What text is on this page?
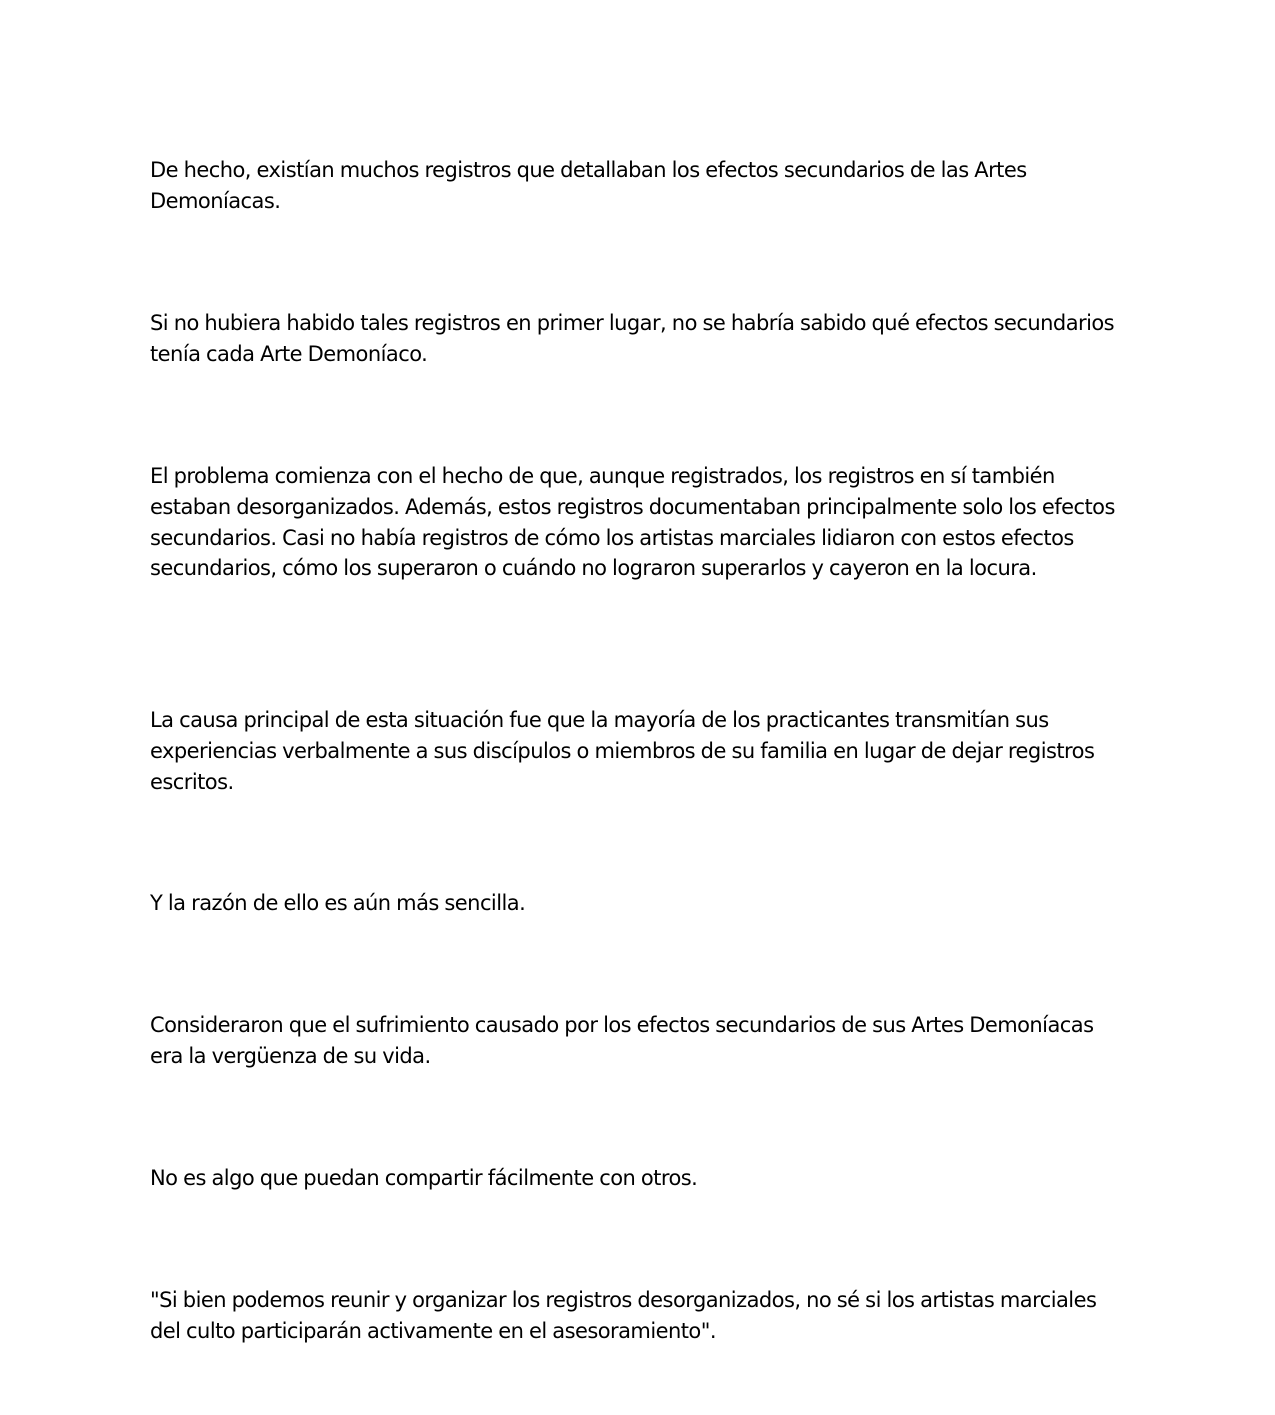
De hecho, existían muchos registros que detallaban los efectos secundarios de las Artes Demoníacas.

Si no hubiera habido tales registros en primer lugar, no se habría sabido qué efectos secundarios tenía cada Arte Demoníaco.

El problema comienza con el hecho de que, aunque registrados, los registros en sí también estaban desorganizados. Además, estos registros documentaban principalmente solo los efectos secundarios. Casi no había registros de cómo los artistas marciales lidiaron con estos efectos secundarios, cómo los superaron o cuándo no lograron superarlos y cayeron en la locura.

La causa principal de esta situación fue que la mayoría de los practicantes transmitían sus experiencias verbalmente a sus discípulos o miembros de su familia en lugar de dejar registros escritos.

Y la razón de ello es aún más sencilla.

Consideraron que el sufrimiento causado por los efectos secundarios de sus Artes Demoníacas era la vergüenza de su vida.

No es algo que puedan compartir fácilmente con otros.

"Si bien podemos reunir y organizar los registros desorganizados, no sé si los artistas marciales del culto participarán activamente en el asesoramiento".
